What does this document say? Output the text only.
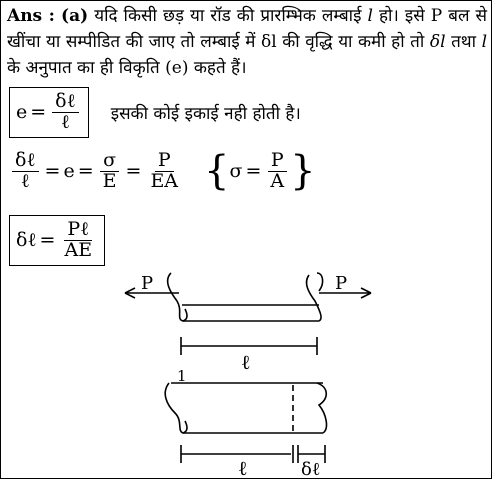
Ans : (a) यदि किसी छड़ या रॉड की प्रारम्भिक लम्बाई l हो। इसे P बल से खींचा या सम्पीडित की जाए तो लम्बाई में δl की वृद्धि या कमी हो तो δl तथा l के अनुपात का ही विकृति (e) कहते हैं।
$e = \frac{\text{δℓ}}{\text{ℓ}}$ इसकी कोई इकाई नही होती है।
$\frac{\text{δℓ}}{\text{ℓ}} = e = \frac{\sigma}{E} = \frac{P}{EA}$ { $\sigma = \frac{P}{A}$ }
δℓ = $\frac{\text{Pℓ}}{AE}$
P	P
ℓ
1
ℓ	δℓ
